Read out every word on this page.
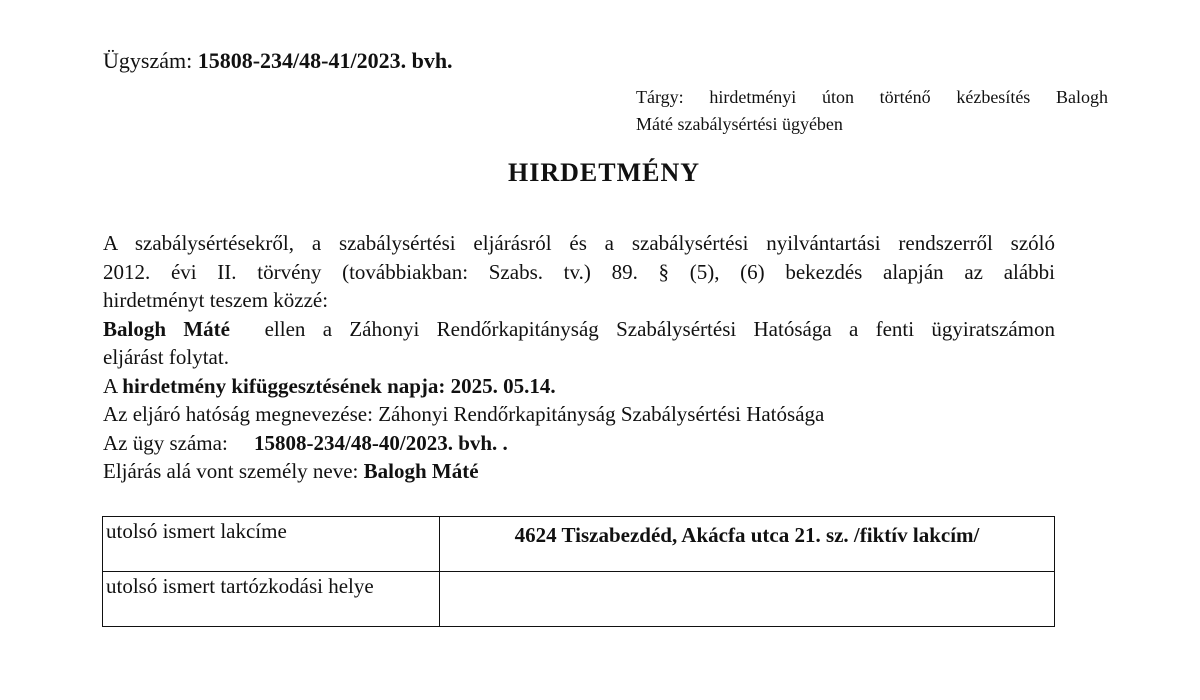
Ügyszám: 15808-234/48-41/2023. bvh.
Tárgy: hirdetményi úton történő kézbesítés Balogh
Máté szabálysértési ügyében
HIRDETMÉNY
A szabálysértésekről, a szabálysértési eljárásról és a szabálysértési nyilvántartási rendszerről szóló
2012. évi II. törvény (továbbiakban: Szabs. tv.) 89. § (5), (6) bekezdés alapján az alábbi
hirdetményt teszem közzé:
Balogh Máté ellen a Záhonyi Rendőrkapitányság Szabálysértési Hatósága a fenti ügyiratszámon
eljárást folytat.
A hirdetmény kifüggesztésének napja: 2025. 05.14.
Az eljáró hatóság megnevezése: Záhonyi Rendőrkapitányság Szabálysértési Hatósága
Az ügy száma: 15808-234/48-40/2023. bvh. .
Eljárás alá vont személy neve: Balogh Máté
utolsó ismert lakcíme	4624 Tiszabezdéd, Akácfa utca 21. sz. /fiktív lakcím/
utolsó ismert tartózkodási helye	
